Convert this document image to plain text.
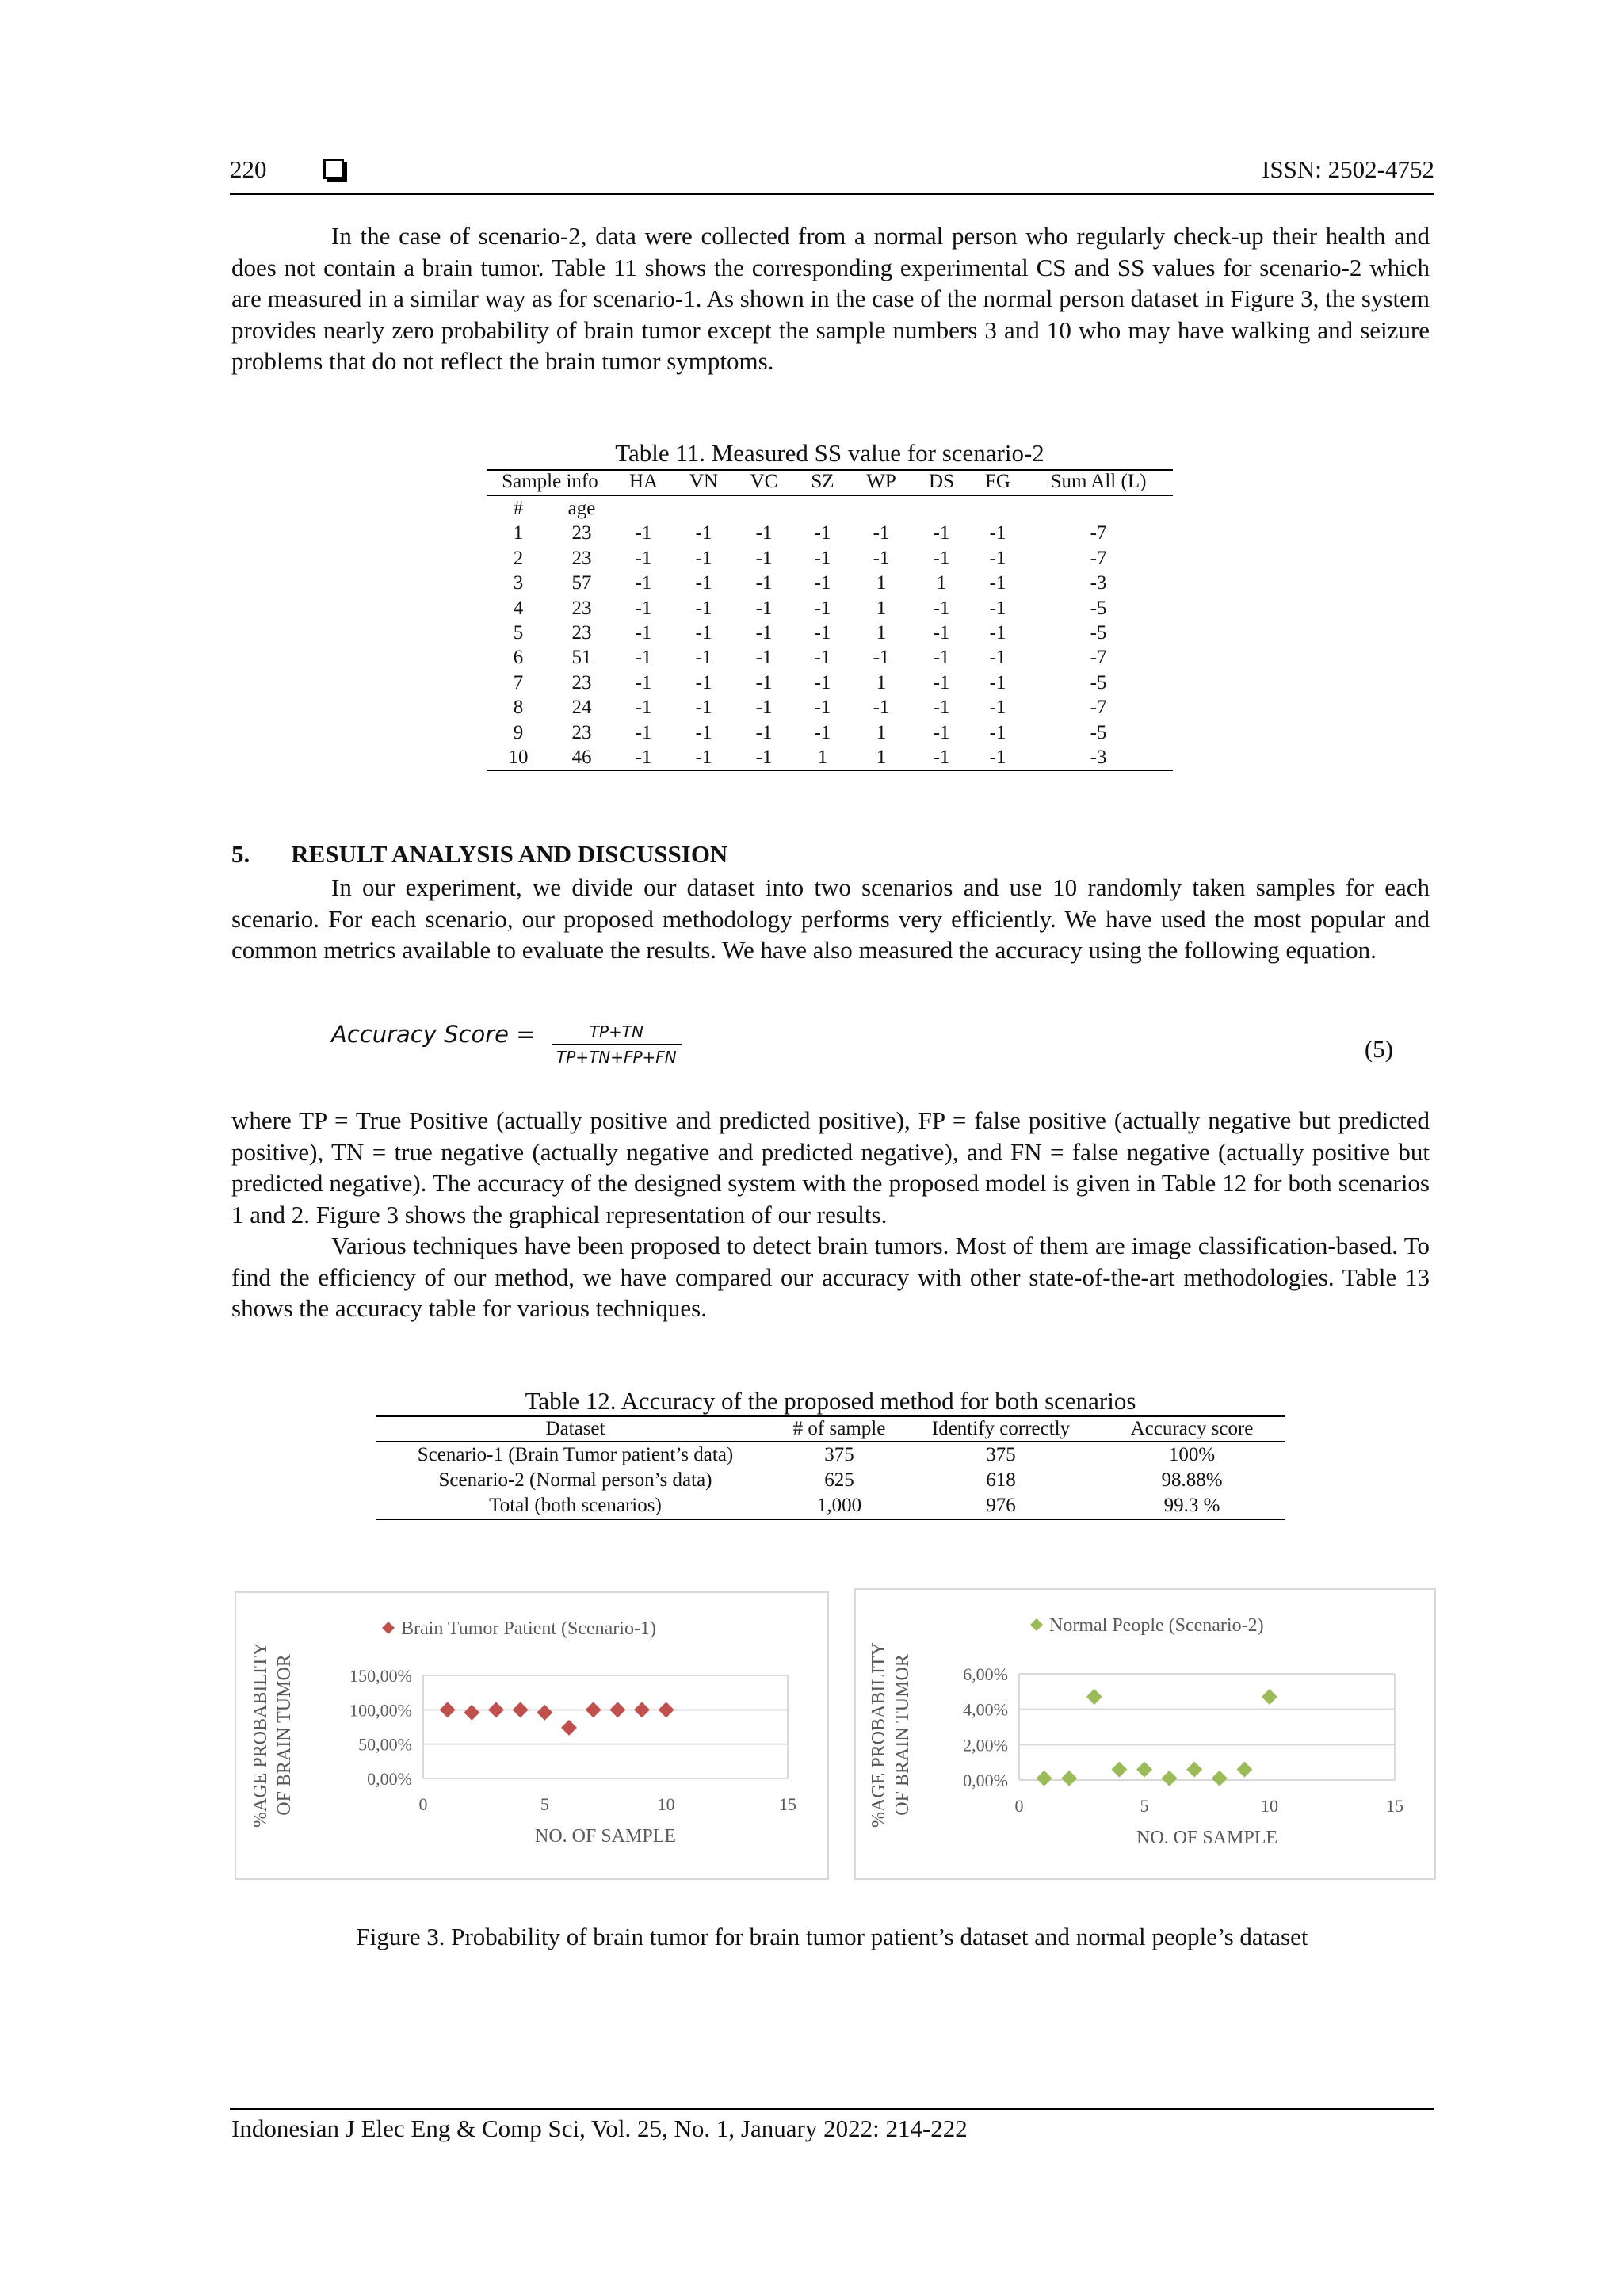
220	ISSN: 2502-4752

In the case of scenario-2, data were collected from a normal person who regularly check-up their health and does not contain a brain tumor. Table 11 shows the corresponding experimental CS and SS values for scenario-2 which are measured in a similar way as for scenario-1. As shown in the case of the normal person dataset in Figure 3, the system provides nearly zero probability of brain tumor except the sample numbers 3 and 10 who may have walking and seizure problems that do not reflect the brain tumor symptoms.

Table 11. Measured SS value for scenario-2
Sample info		HA	VN	VC	SZ	WP	DS	FG	Sum All (L)
#	age								
1	23	-1	-1	-1	-1	-1	-1	-1	-7
2	23	-1	-1	-1	-1	-1	-1	-1	-7
3	57	-1	-1	-1	-1	1	1	-1	-3
4	23	-1	-1	-1	-1	1	-1	-1	-5
5	23	-1	-1	-1	-1	1	-1	-1	-5
6	51	-1	-1	-1	-1	-1	-1	-1	-7
7	23	-1	-1	-1	-1	1	-1	-1	-5
8	24	-1	-1	-1	-1	-1	-1	-1	-7
9	23	-1	-1	-1	-1	1	-1	-1	-5
10	46	-1	-1	-1	1	1	-1	-1	-3
5. RESULT ANALYSIS AND DISCUSSION

In our experiment, we divide our dataset into two scenarios and use 10 randomly taken samples for each scenario. For each scenario, our proposed methodology performs very efficiently. We have used the most popular and common metrics available to evaluate the results. We have also measured the accuracy using the following equation.

Accuracy Score = $\frac{TP+TN}{TP+TN+FP+FN}$	(5)

where TP = True Positive (actually positive and predicted positive), FP = false positive (actually negative but predicted positive), TN = true negative (actually negative and predicted negative), and FN = false negative (actually positive but predicted negative). The accuracy of the designed system with the proposed model is given in Table 12 for both scenarios 1 and 2. Figure 3 shows the graphical representation of our results.

Various techniques have been proposed to detect brain tumors. Most of them are image classification-based. To find the efficiency of our method, we have compared our accuracy with other state-of-the-art methodologies. Table 13 shows the accuracy table for various techniques.

Table 12. Accuracy of the proposed method for both scenarios
Dataset	# of sample	Identify correctly	Accuracy score
Scenario-1 (Brain Tumor patient’s data)	375	375	100%
Scenario-2 (Normal person’s data)	625	618	98.88%
Total (both scenarios)	1,000	976	99.3 %
0,00%
50,00%
100,00%
150,00%
0	5	10	15
NO. OF SAMPLE
%AGE PROBABILITY OF BRAIN TUMOR
Brain Tumor Patient (Scenario-1)
0,00%
2,00%
4,00%
6,00%
0	5	10	15
NO. OF SAMPLE
%AGE PROBABILITY OF BRAIN TUMOR
Normal People (Scenario-2)
Figure 3. Probability of brain tumor for brain tumor patient’s dataset and normal people’s dataset
Indonesian J Elec Eng & Comp Sci, Vol. 25, No. 1, January 2022: 214-222
